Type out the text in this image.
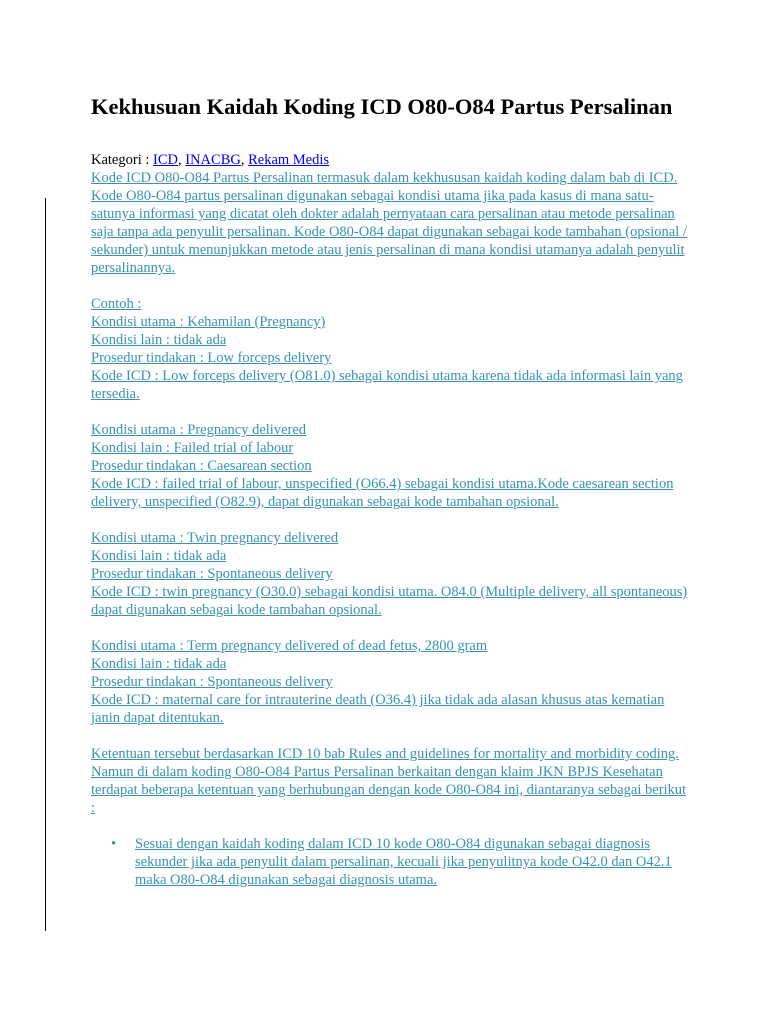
Kekhusuan Kaidah Koding ICD O80-O84 Partus Persalinan
Kategori : ICD, INACBG, Rekam Medis
Kode ICD O80-O84 Partus Persalinan termasuk dalam kekhususan kaidah koding dalam bab di ICD. Kode O80-O84 partus persalinan digunakan sebagai kondisi utama jika pada kasus di mana satu-satunya informasi yang dicatat oleh dokter adalah pernyataan cara persalinan atau metode persalinan saja tanpa ada penyulit persalinan. Kode O80-O84 dapat digunakan sebagai kode tambahan (opsional / sekunder) untuk menunjukkan metode atau jenis persalinan di mana kondisi utamanya adalah penyulit persalinannya.
Contoh :
Kondisi utama : Kehamilan (Pregnancy)
Kondisi lain : tidak ada
Prosedur tindakan : Low forceps delivery
Kode ICD : Low forceps delivery (O81.0) sebagai kondisi utama karena tidak ada informasi lain yang tersedia.
Kondisi utama : Pregnancy delivered
Kondisi lain : Failed trial of labour
Prosedur tindakan : Caesarean section
Kode ICD : failed trial of labour, unspecified (O66.4) sebagai kondisi utama.Kode caesarean section delivery, unspecified (O82.9), dapat digunakan sebagai kode tambahan opsional.
Kondisi utama : Twin pregnancy delivered
Kondisi lain : tidak ada
Prosedur tindakan : Spontaneous delivery
Kode ICD : twin pregnancy (O30.0) sebagai kondisi utama. O84.0 (Multiple delivery, all spontaneous) dapat digunakan sebagai kode tambahan opsional.
Kondisi utama : Term pregnancy delivered of dead fetus, 2800 gram
Kondisi lain : tidak ada
Prosedur tindakan : Spontaneous delivery
Kode ICD : maternal care for intrauterine death (O36.4) jika tidak ada alasan khusus atas kematian janin dapat ditentukan.
Ketentuan tersebut berdasarkan ICD 10 bab Rules and guidelines for mortality and morbidity coding.
Namun di dalam koding O80-O84 Partus Persalinan berkaitan dengan klaim JKN BPJS Kesehatan terdapat beberapa ketentuan yang berhubungan dengan kode O80-O84 ini, diantaranya sebagai berikut :
• Sesuai dengan kaidah koding dalam ICD 10 kode O80-O84 digunakan sebagai diagnosis sekunder jika ada penyulit dalam persalinan, kecuali jika penyulitnya kode O42.0 dan O42.1 maka O80-O84 digunakan sebagai diagnosis utama.
